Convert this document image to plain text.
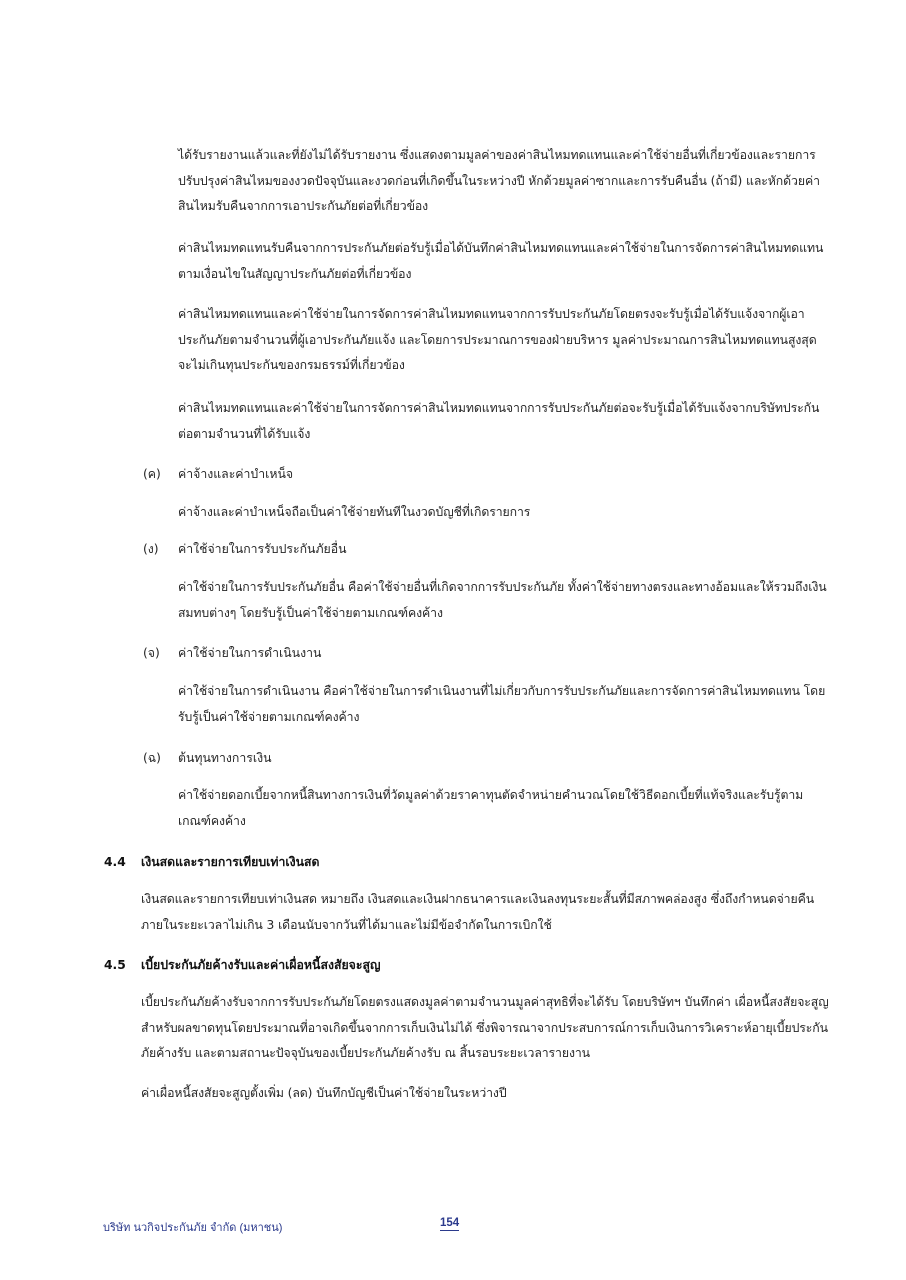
ได้รับรายงานแล้วและที่ยังไม่ได้รับรายงาน ซึ่งแสดงตามมูลค่าของค่าสินไหมทดแทนและค่าใช้จ่ายอื่นที่เกี่ยวข้องและรายการปรับปรุงค่าสินไหมของงวดปัจจุบันและงวดก่อนที่เกิดขึ้นในระหว่างปี หักด้วยมูลค่าซากและการรับคืนอื่น (ถ้ามี) และหักด้วยค่าสินไหมรับคืนจากการเอาประกันภัยต่อที่เกี่ยวข้อง

ค่าสินไหมทดแทนรับคืนจากการประกันภัยต่อรับรู้เมื่อได้บันทึกค่าสินไหมทดแทนและค่าใช้จ่ายในการจัดการค่าสินไหมทดแทนตามเงื่อนไขในสัญญาประกันภัยต่อที่เกี่ยวข้อง

ค่าสินไหมทดแทนและค่าใช้จ่ายในการจัดการค่าสินไหมทดแทนจากการรับประกันภัยโดยตรงจะรับรู้เมื่อได้รับแจ้งจากผู้เอาประกันภัยตามจำนวนที่ผู้เอาประกันภัยแจ้ง และโดยการประมาณการของฝ่ายบริหาร มูลค่าประมาณการสินไหมทดแทนสูงสุดจะไม่เกินทุนประกันของกรมธรรม์ที่เกี่ยวข้อง

ค่าสินไหมทดแทนและค่าใช้จ่ายในการจัดการค่าสินไหมทดแทนจากการรับประกันภัยต่อจะรับรู้เมื่อได้รับแจ้งจากบริษัทประกันต่อตามจำนวนที่ได้รับแจ้ง

(ค) ค่าจ้างและค่าบำเหน็จ

ค่าจ้างและค่าบำเหน็จถือเป็นค่าใช้จ่ายทันทีในงวดบัญชีที่เกิดรายการ

(ง) ค่าใช้จ่ายในการรับประกันภัยอื่น

ค่าใช้จ่ายในการรับประกันภัยอื่น คือค่าใช้จ่ายอื่นที่เกิดจากการรับประกันภัย ทั้งค่าใช้จ่ายทางตรงและทางอ้อมและให้รวมถึงเงินสมทบต่างๆ โดยรับรู้เป็นค่าใช้จ่ายตามเกณฑ์คงค้าง

(จ) ค่าใช้จ่ายในการดำเนินงาน

ค่าใช้จ่ายในการดำเนินงาน คือค่าใช้จ่ายในการดำเนินงานที่ไม่เกี่ยวกับการรับประกันภัยและการจัดการค่าสินไหมทดแทน โดยรับรู้เป็นค่าใช้จ่ายตามเกณฑ์คงค้าง

(ฉ) ต้นทุนทางการเงิน

ค่าใช้จ่ายดอกเบี้ยจากหนี้สินทางการเงินที่วัดมูลค่าด้วยราคาทุนตัดจำหน่ายคำนวณโดยใช้วิธีดอกเบี้ยที่แท้จริงและรับรู้ตามเกณฑ์คงค้าง

4.4 เงินสดและรายการเทียบเท่าเงินสด

เงินสดและรายการเทียบเท่าเงินสด หมายถึง เงินสดและเงินฝากธนาคารและเงินลงทุนระยะสั้นที่มีสภาพคล่องสูง ซึ่งถึงกำหนดจ่ายคืนภายในระยะเวลาไม่เกิน 3 เดือนนับจากวันที่ได้มาและไม่มีข้อจำกัดในการเบิกใช้

4.5 เบี้ยประกันภัยค้างรับและค่าเผื่อหนี้สงสัยจะสูญ

เบี้ยประกันภัยค้างรับจากการรับประกันภัยโดยตรงแสดงมูลค่าตามจำนวนมูลค่าสุทธิที่จะได้รับ โดยบริษัทฯ บันทึกค่า เผื่อหนี้สงสัยจะสูญสำหรับผลขาดทุนโดยประมาณที่อาจเกิดขึ้นจากการเก็บเงินไม่ได้ ซึ่งพิจารณาจากประสบการณ์การเก็บเงินการวิเคราะห์อายุเบี้ยประกันภัยค้างรับ และตามสถานะปัจจุบันของเบี้ยประกันภัยค้างรับ ณ สิ้นรอบระยะเวลารายงาน

ค่าเผื่อหนี้สงสัยจะสูญตั้งเพิ่ม (ลด) บันทึกบัญชีเป็นค่าใช้จ่ายในระหว่างปี

บริษัท นวกิจประกันภัย จำกัด (มหาชน)	154
